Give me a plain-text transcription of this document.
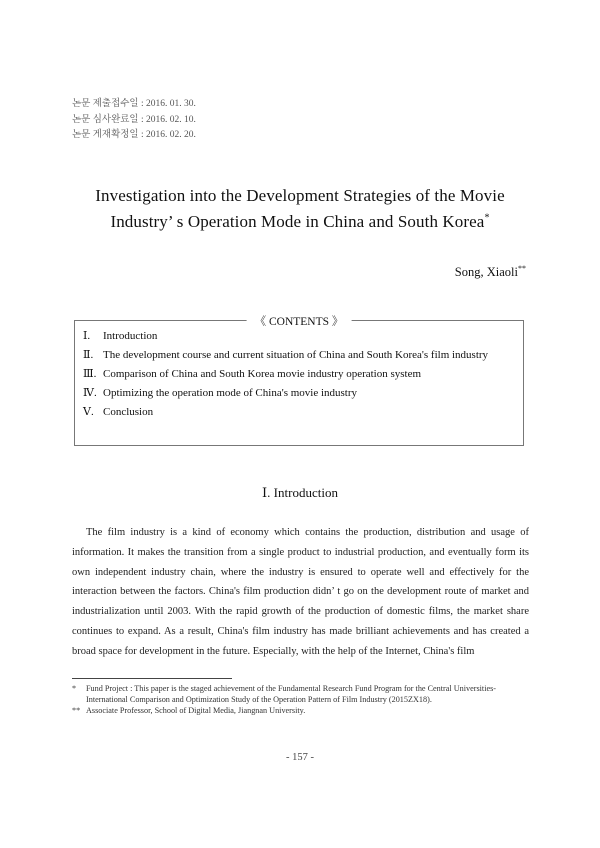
논문 제출접수일 : 2016. 01. 30.
논문 심사완료일 : 2016. 02. 10.
논문 게재확정일 : 2016. 02. 20.
Investigation into the Development Strategies of the Movie
Industry’ s Operation Mode in China and South Korea*
Song, Xiaoli**
《 CONTENTS 》
Ⅰ.	Introduction
Ⅱ. The development course and current situation of China and South Korea's film industry
Ⅲ. Comparison of China and South Korea movie industry operation system
Ⅳ. Optimizing the operation mode of China's movie industry
Ⅴ. Conclusion
Ⅰ. Introduction

The film industry is a kind of economy which contains the production, distribution and usage of information. It makes the transition from a single product to industrial production, and eventually form its own independent industry chain, where the industry is ensured to operate well and effectively for the interaction between the factors. China's film production didn’ t go on the development route of market and industrialization until 2003. With the rapid growth of the production of domestic films, the market share continues to expand. As a result, China's film industry has made brilliant achievements and has created a broad space for development in the future. Especially, with the help of the Internet, China's film

*	Fund Project : This paper is the staged achievement of the Fundamental Research Fund Program for the Central Universities-International Comparison and Optimization Study of the Operation Pattern of Film Industry (2015ZX18).
** Associate Professor, School of Digital Media, Jiangnan University.
- 157 -
